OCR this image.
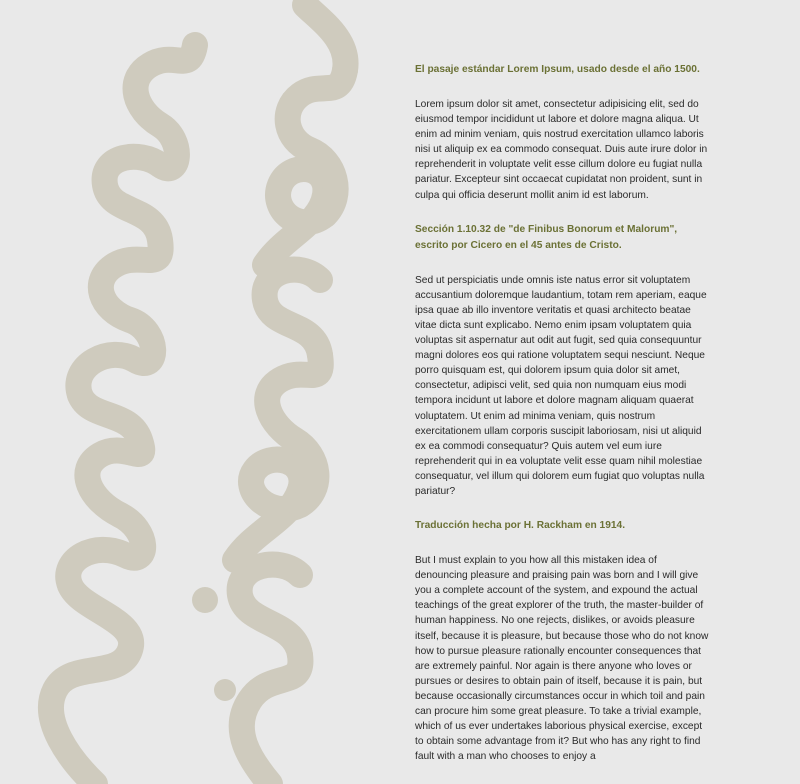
El pasaje estándar Lorem Ipsum, usado desde el año 1500.

Lorem ipsum dolor sit amet, consectetur adipisicing elit, sed do eiusmod tempor incididunt ut labore et dolore magna aliqua. Ut enim ad minim veniam, quis nostrud exercitation ullamco laboris nisi ut aliquip ex ea commodo consequat. Duis aute irure dolor in reprehenderit in voluptate velit esse cillum dolore eu fugiat nulla pariatur. Excepteur sint occaecat cupidatat non proident, sunt in culpa qui officia deserunt mollit anim id est laborum.

Sección 1.10.32 de "de Finibus Bonorum et Malorum", escrito por Cicero en el 45 antes de Cristo.

Sed ut perspiciatis unde omnis iste natus error sit voluptatem accusantium doloremque laudantium, totam rem aperiam, eaque ipsa quae ab illo inventore veritatis et quasi architecto beatae vitae dicta sunt explicabo. Nemo enim ipsam voluptatem quia voluptas sit aspernatur aut odit aut fugit, sed quia consequuntur magni dolores eos qui ratione voluptatem sequi nesciunt. Neque porro quisquam est, qui dolorem ipsum quia dolor sit amet, consectetur, adipisci velit, sed quia non numquam eius modi tempora incidunt ut labore et dolore magnam aliquam quaerat voluptatem. Ut enim ad minima veniam, quis nostrum exercitationem ullam corporis suscipit laboriosam, nisi ut aliquid ex ea commodi consequatur? Quis autem vel eum iure reprehenderit qui in ea voluptate velit esse quam nihil molestiae consequatur, vel illum qui dolorem eum fugiat quo voluptas nulla pariatur?

Traducción hecha por H. Rackham en 1914.

But I must explain to you how all this mistaken idea of denouncing pleasure and praising pain was born and I will give you a complete account of the system, and expound the actual teachings of the great explorer of the truth, the master-builder of human happiness. No one rejects, dislikes, or avoids pleasure itself, because it is pleasure, but because those who do not know how to pursue pleasure rationally encounter consequences that are extremely painful. Nor again is there anyone who loves or pursues or desires to obtain pain of itself, because it is pain, but because occasionally circumstances occur in which toil and pain can procure him some great pleasure. To take a trivial example, which of us ever undertakes laborious physical exercise, except to obtain some advantage from it? But who has any right to find fault with a man who chooses to enjoy a
